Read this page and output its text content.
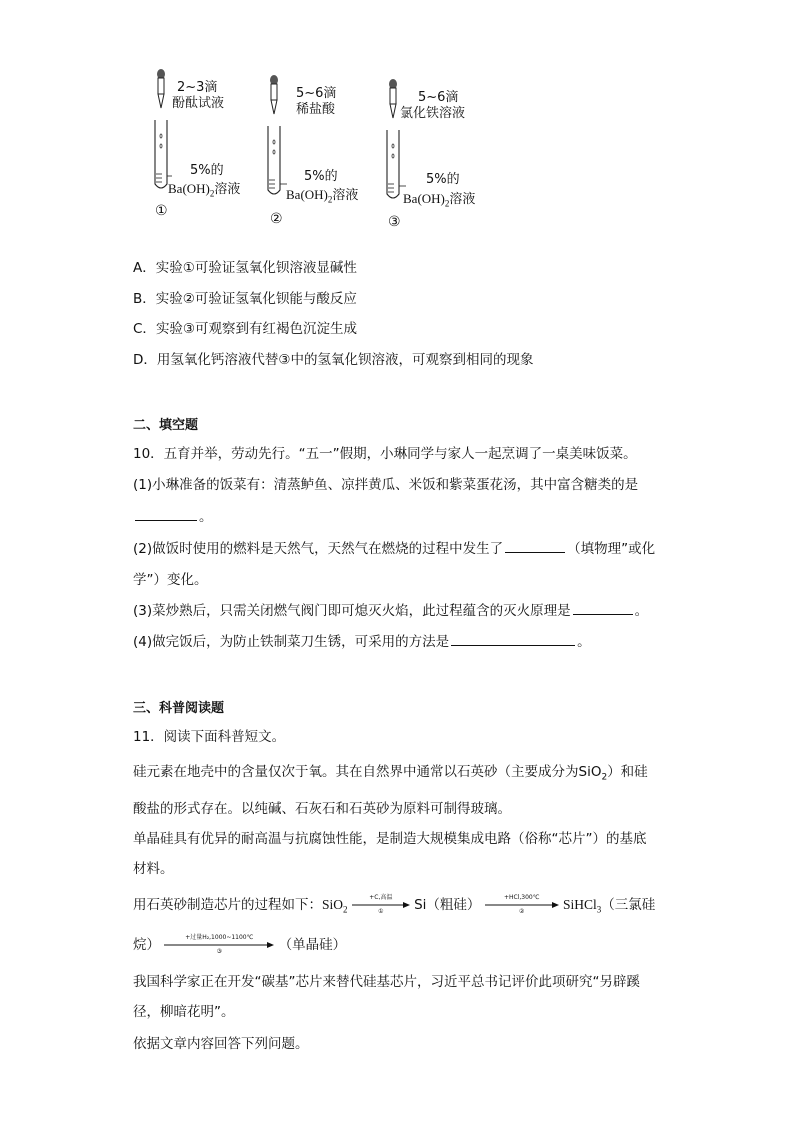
2~3滴
酚酞试液
5%的
$Ba(OH)_2$溶液
①
5~6滴
稀盐酸
5%的
$Ba(OH)_2$溶液
②
5~6滴
氯化铁溶液
5%的
$Ba(OH)_2$溶液
③
A．实验①可验证氢氧化钡溶液显碱性
B．实验②可验证氢氧化钡能与酸反应
C．实验③可观察到有红褐色沉淀生成
D．用氢氧化钙溶液代替③中的氢氧化钡溶液，可观察到相同的现象
二、填空题
10．五育并举，劳动先行。“五一”假期，小琳同学与家人一起烹调了一桌美味饭菜。
(1)小琳准备的饭菜有：清蒸鲈鱼、凉拌黄瓜、米饭和紫菜蛋花汤，其中富含糖类的是
。
(2)做饭时使用的燃料是天然气，天然气在燃烧的过程中发生了	（填物理”或化
学”）变化。
(3)菜炒熟后，只需关闭燃气阀门即可熄灭火焰，此过程蕴含的灭火原理是	。
(4)做完饭后，为防止铁制菜刀生锈，可采用的方法是	。
三、科普阅读题
11．阅读下面科普短文。
硅元素在地壳中的含量仅次于氧。其在自然界中通常以石英砂（主要成分为SiO$_2$）和硅
酸盐的形式存在。以纯碱、石灰石和石英砂为原料可制得玻璃。
单晶硅具有优异的耐高温与抗腐蚀性能，是制造大规模集成电路（俗称“芯片”）的基底
材料。
用石英砂制造芯片的过程如下：SiO$_2$
+C,高温
①	Si（粗硅）	+HCl,300℃
②	SiHCl$_3$（三氯硅
烷）	+过量H₂,1000~1100℃
③	（单晶硅）
我国科学家正在开发“碳基”芯片来替代硅基芯片，习近平总书记评价此项研究“另辟蹊
径，柳暗花明”。
依据文章内容回答下列问题。
